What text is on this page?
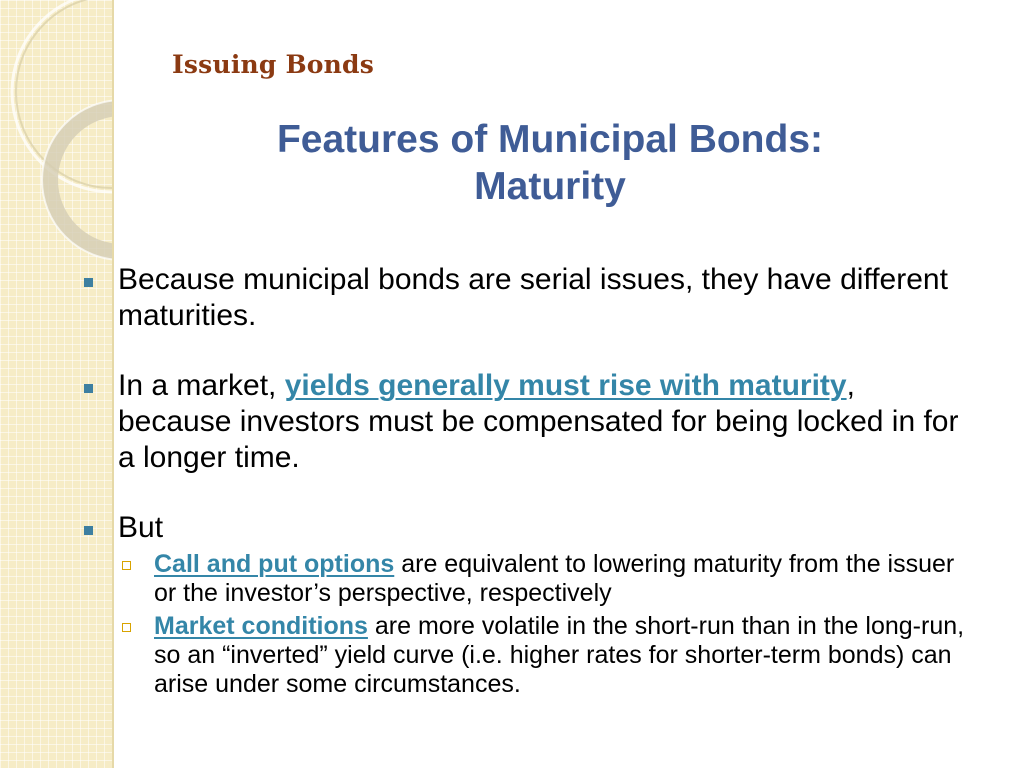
Issuing Bonds
Features of Municipal Bonds:
Maturity
Because municipal bonds are serial issues, they have different maturities.
In a market, yields generally must rise with maturity, because investors must be compensated for being locked in for a longer time.
But
Call and put options are equivalent to lowering maturity from the issuer or the investor’s perspective, respectively
Market conditions are more volatile in the short-run than in the long-run, so an “inverted” yield curve (i.e. higher rates for shorter-term bonds) can arise under some circumstances.
